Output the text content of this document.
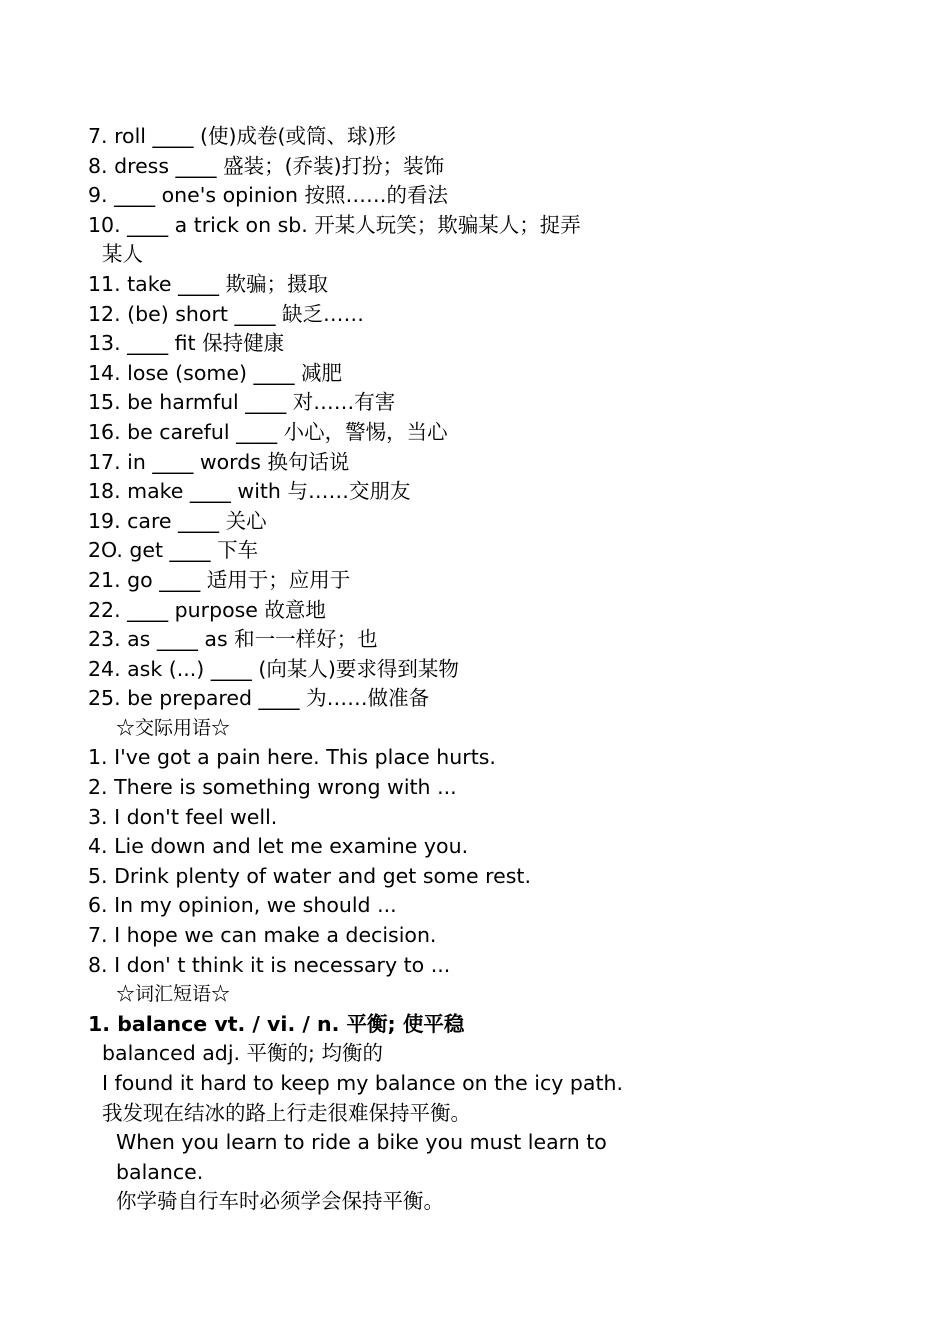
7. roll ____ (使)成卷(或筒、球)形
8. dress ____ 盛装；(乔装)打扮；装饰
9. ____ one's opinion 按照……的看法
10. ____ a trick on sb. 开某人玩笑；欺骗某人；捉弄
某人
11. take ____ 欺骗；摄取
12. (be) short ____ 缺乏……
13. ____ fit 保持健康
14. lose (some) ____ 减肥
15. be harmful ____ 对……有害
16. be careful ____ 小心，警惕，当心
17. in ____ words 换句话说
18. make ____ with 与……交朋友
19. care ____ 关心
2O. get ____ 下车
21. go ____ 适用于；应用于
22. ____ purpose 故意地
23. as ____ as 和一一样好；也
24. ask (...) ____ (向某人)要求得到某物
25. be prepared ____ 为……做准备
☆交际用语☆
1. I've got a pain here. This place hurts.
2. There is something wrong with ...
3. I don't feel well.
4. Lie down and let me examine you.
5. Drink plenty of water and get some rest.
6. In my opinion, we should ...
7. I hope we can make a decision.
8. I don' t think it is necessary to ...
☆词汇短语☆
1. balance vt. / vi. / n. 平衡; 使平稳
balanced adj. 平衡的; 均衡的
I found it hard to keep my balance on the icy path.
我发现在结冰的路上行走很难保持平衡。
When you learn to ride a bike you must learn to
balance.
你学骑自行车时必须学会保持平衡。
